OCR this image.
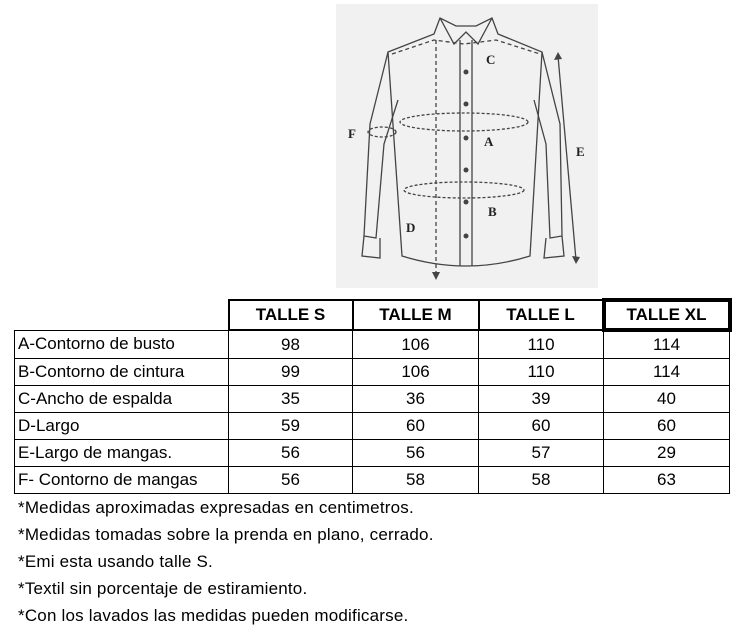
C
A
B
D
E
F
	TALLE S	TALLE M	TALLE L	TALLE XL
A-Contorno de busto	98	106	110	114
B-Contorno de cintura	99	106	110	114
C-Ancho de espalda	35	36	39	40
D-Largo	59	60	60	60
E-Largo de mangas.	56	56	57	29
F- Contorno de mangas	56	58	58	63
*Medidas aproximadas expresadas en centimetros.
*Medidas tomadas sobre la prenda en plano, cerrado.
*Emi esta usando talle S.
*Textil sin porcentaje de estiramiento.
*Con los lavados las medidas pueden modificarse.
